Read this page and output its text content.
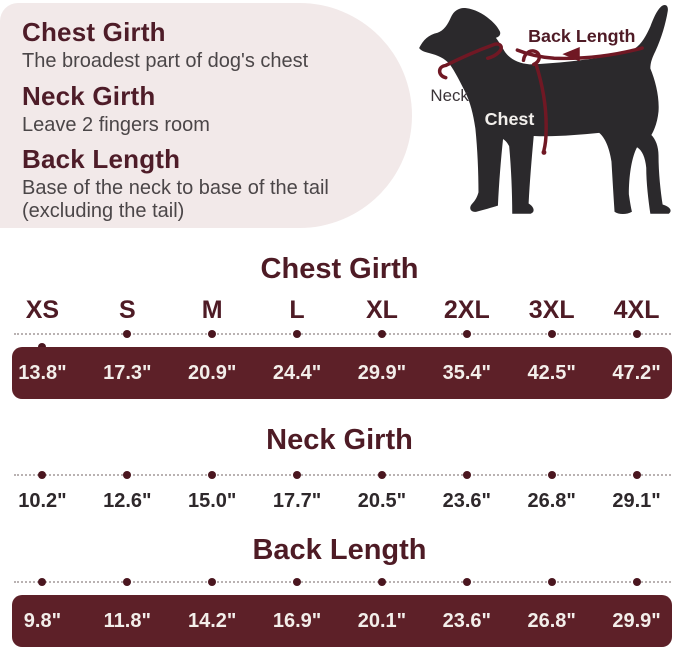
Chest Girth
The broadest part of dog's chest
Neck Girth
Leave 2 fingers room
Back Length
Base of the neck to base of the tail (excluding the tail)
Back Length
Neck
Chest
Chest Girth
XS	S	M	L	XL	2XL	3XL	4XL
13.8"	17.3"	20.9"	24.4"	29.9"	35.4"	42.5"	47.2"
Neck Girth
10.2"	12.6"	15.0"	17.7"	20.5"	23.6"	26.8"	29.1"
Back Length
9.8"	11.8"	14.2"	16.9"	20.1"	23.6"	26.8"	29.9"
